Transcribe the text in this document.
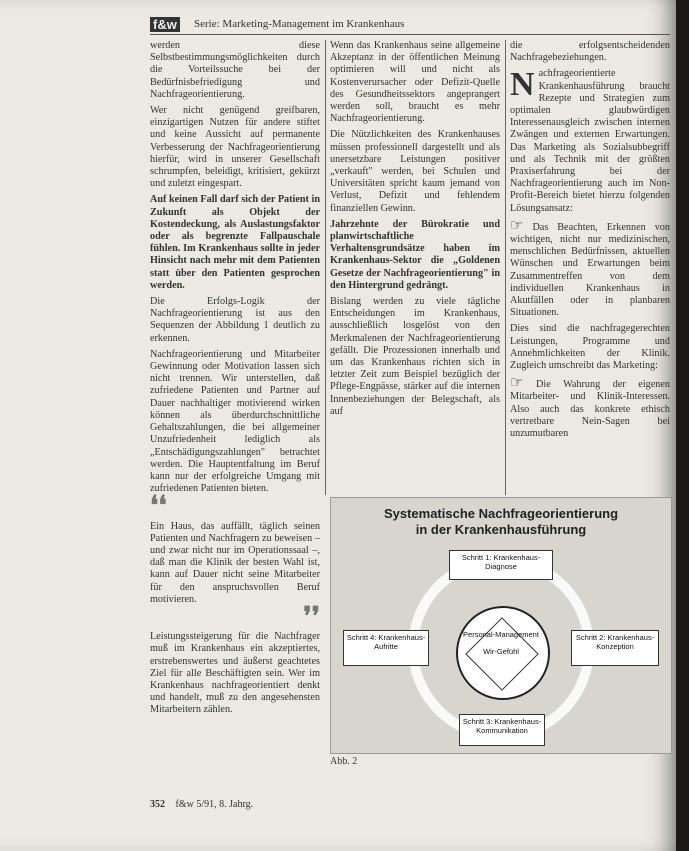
f&w Serie: Marketing-Management im Krankenhaus

werden diese Selbstbestimmungsmöglichkeiten durch die Vorteilssuche bei der Bedürfnisbefriedigung und Nachfrageorientierung.

Wer nicht genügend greifbaren, einzigartigen Nutzen für andere stiftet und keine Aussicht auf permanente Verbesserung der Nachfrageorientierung hierfür, wird in unserer Gesellschaft schrumpfen, beleidigt, kritisiert, gekürzt und zuletzt eingespart.

Auf keinen Fall darf sich der Patient in Zukunft als Objekt der Kostendeckung, als Auslastungsfaktor oder als begrenzte Fallpauschale fühlen. Im Krankenhaus sollte in jeder Hinsicht nach mehr mit dem Patienten statt über den Patienten gesprochen werden.

Die Erfolgs-Logik der Nachfrageorientierung ist aus den Sequenzen der Abbildung 1 deutlich zu erkennen.

Nachfrageorientierung und Mitarbeiter Gewinnung oder Motivation lassen sich nicht trennen. Wir unterstellen, daß zufriedene Patienten und Partner auf Dauer nachhaltiger motivierend wirken können als überdurchschnittliche Gehaltszahlungen, die bei allgemeiner Unzufriedenheit lediglich als „Entschädigungszahlungen" betrachtet werden. Die Hauptentfaltung im Beruf kann nur der erfolgreiche Umgang mit zufriedenen Patienten bieten.

❛❛

Ein Haus, das auffällt, täglich seinen Patienten und Nachfragern zu beweisen – und zwar nicht nur im Operationssaal –, daß man die Klinik der besten Wahl ist, kann auf Dauer nicht seine Mitarbeiter für den anspruchsvollen Beruf motivieren.

❜❜

Leistungssteigerung für die Nachfrager muß im Krankenhaus ein akzeptiertes, erstrebenswertes und äußerst geachtetes Ziel für alle Beschäftigten sein. Wer im Krankenhaus nachfrageorientiert denkt und handelt, muß zu den angesehensten Mitarbeitern zählen.

Wenn das Krankenhaus seine allgemeine Akzeptanz in der öffentlichen Meinung optimieren will und nicht als Kostenverursacher oder Defizit-Quelle des Gesundheitssektors angeprangert werden soll, braucht es mehr Nachfrageorientierung.

Die Nützlichkeiten des Krankenhauses müssen professionell dargestellt und als unersetzbare Leistungen positiver „verkauft" werden, bei Schulen und Universitäten spricht kaum jemand von Verlust, Defizit und fehlendem finanziellen Gewinn.

Jahrzehnte der Bürokratie und planwirtschaftliche Verhaltensgrundsätze haben im Krankenhaus-Sektor die „Goldenen Gesetze der Nachfrageorientierung" in den Hintergrund gedrängt.

Bislang werden zu viele tägliche Entscheidungen im Krankenhaus, ausschließlich losgelöst von den Merkmalenen der Nachfrageorientierung gefällt. Die Prozessionen innerhalb und um das Krankenhaus richten sich in letzter Zeit zum Beispiel bezüglich der Pflege-Engpässe, stärker auf die internen Innenbeziehungen der Belegschaft, als auf

die erfolgsentscheidenden Nachfragebeziehungen.

Nachfrageorientierte Krankenhausführung braucht Rezepte und Strategien zum optimalen glaubwürdigen Interessenausgleich zwischen internen Zwängen und externen Erwartungen. Das Marketing als Sozialsubbegriff und als Technik mit der größten Praxiserfahrung bei der Nachfrageorientierung auch im Non-Profit-Bereich bietet hierzu folgenden Lösungsansatz:

☞ Das Beachten, Erkennen von wichtigen, nicht nur medizinischen, menschlichen Bedürfnissen, aktuellen Wünschen und Erwartungen beim Zusammentreffen von dem individuellen Krankenhaus in Akutfällen oder in planbaren Situationen.

Dies sind die nachfragegerechten Leistungen, Programme und Annehmlichkeiten der Klinik. Zugleich umschreibt das Marketing:

☞ Die Wahrung der eigenen Mitarbeiter- und Klinik-Interessen. Also auch das konkrete ethisch vertretbare Nein-Sagen bei unzumutbaren

Systematische Nachfrageorientierung
in der Krankenhausführung
Schritt 1: Krankenhaus-Diagnose
Schritt 2: Krankenhaus-Konzeption
Schritt 3: Krankenhaus-Kommunikation
Schritt 4: Krankenhaus-Aufritte
Personal-Management
Wir-Gefühl
Abb. 2
352 f&w 5/91, 8. Jahrg.
